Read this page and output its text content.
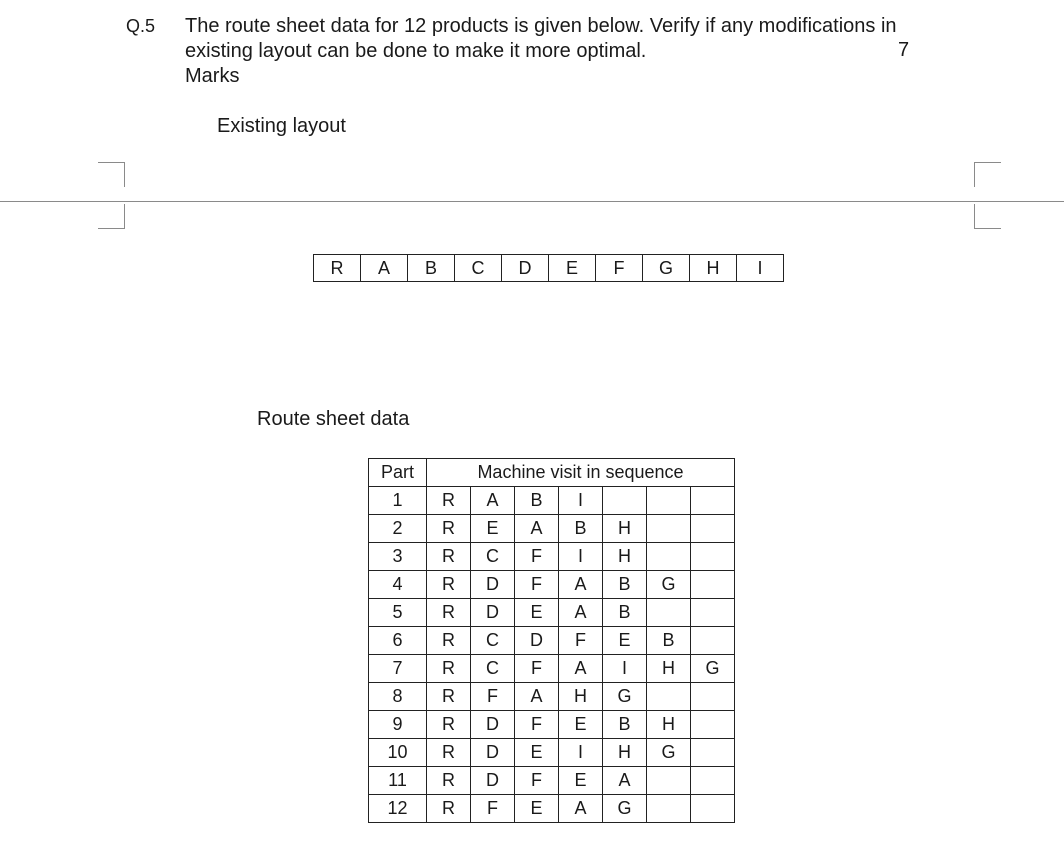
Q.5 The route sheet data for 12 products is given below. Verify if any modifications in
existing layout can be done to make it more optimal.
Marks
7
Existing layout
R	A	B	C	D	E	F	G	H	I
Route sheet data
Part	Machine visit in sequence						
1	R	A	B	I			
2	R	E	A	B	H		
3	R	C	F	I	H		
4	R	D	F	A	B	G	
5	R	D	E	A	B		
6	R	C	D	F	E	B	
7	R	C	F	A	I	H	G
8	R	F	A	H	G		
9	R	D	F	E	B	H	
10	R	D	E	I	H	G	
11	R	D	F	E	A		
12	R	F	E	A	G		
